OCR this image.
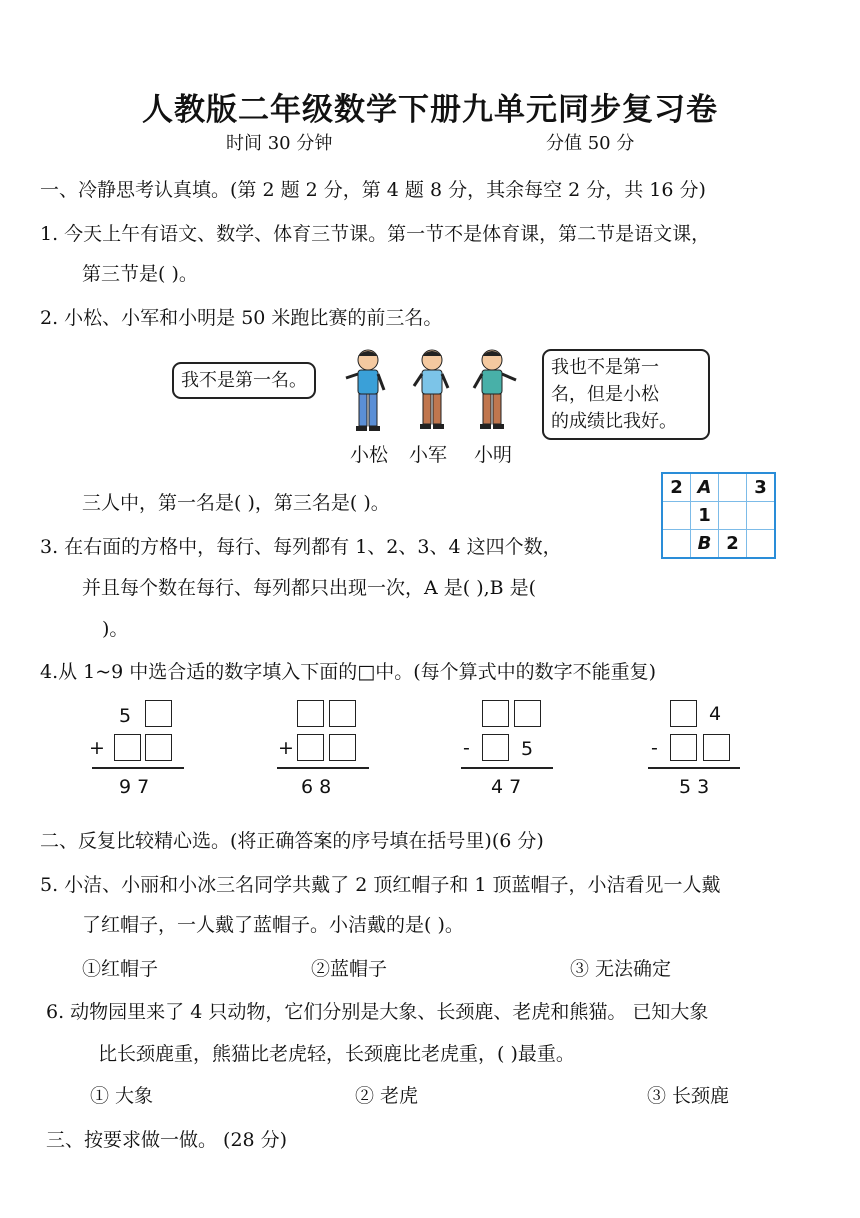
人教版二年级数学下册九单元同步复习卷
时间 30 分钟	分值 50 分
一、冷静思考认真填。(第 2 题 2 分，第 4 题 8 分，其余每空 2 分，共 16 分)
1. 今天上午有语文、数学、体育三节课。第一节不是体育课，第二节是语文课，
第三节是( )。
2. 小松、小军和小明是 50 米跑比赛的前三名。
我不是第一名。
我也不是第一
名，但是小松
的成绩比我好。
小松 小军 小明
三人中，第一名是( )，第三名是( )。
2	A		3
	1		
	B	2	
3. 在右面的方格中，每行、每列都有 1、2、3、4 这四个数，
并且每个数在每行、每列都只出现一次，A 是( ),B 是(
)。
4.从 1~9 中选合适的数字填入下面的□中。(每个算式中的数字不能重复)
5
+
9 7
+
6 8
-	5
4 7
4
-
5 3
二、反复比较精心选。(将正确答案的序号填在括号里)(6 分)
5. 小洁、小丽和小冰三名同学共戴了 2 顶红帽子和 1 顶蓝帽子，小洁看见一人戴
了红帽子，一人戴了蓝帽子。小洁戴的是( )。
①红帽子	②蓝帽子	③ 无法确定
6. 动物园里来了 4 只动物，它们分别是大象、长颈鹿、老虎和熊猫。 已知大象
比长颈鹿重，熊猫比老虎轻，长颈鹿比老虎重，( )最重。
① 大象	② 老虎	③ 长颈鹿
三、按要求做一做。 (28 分)
